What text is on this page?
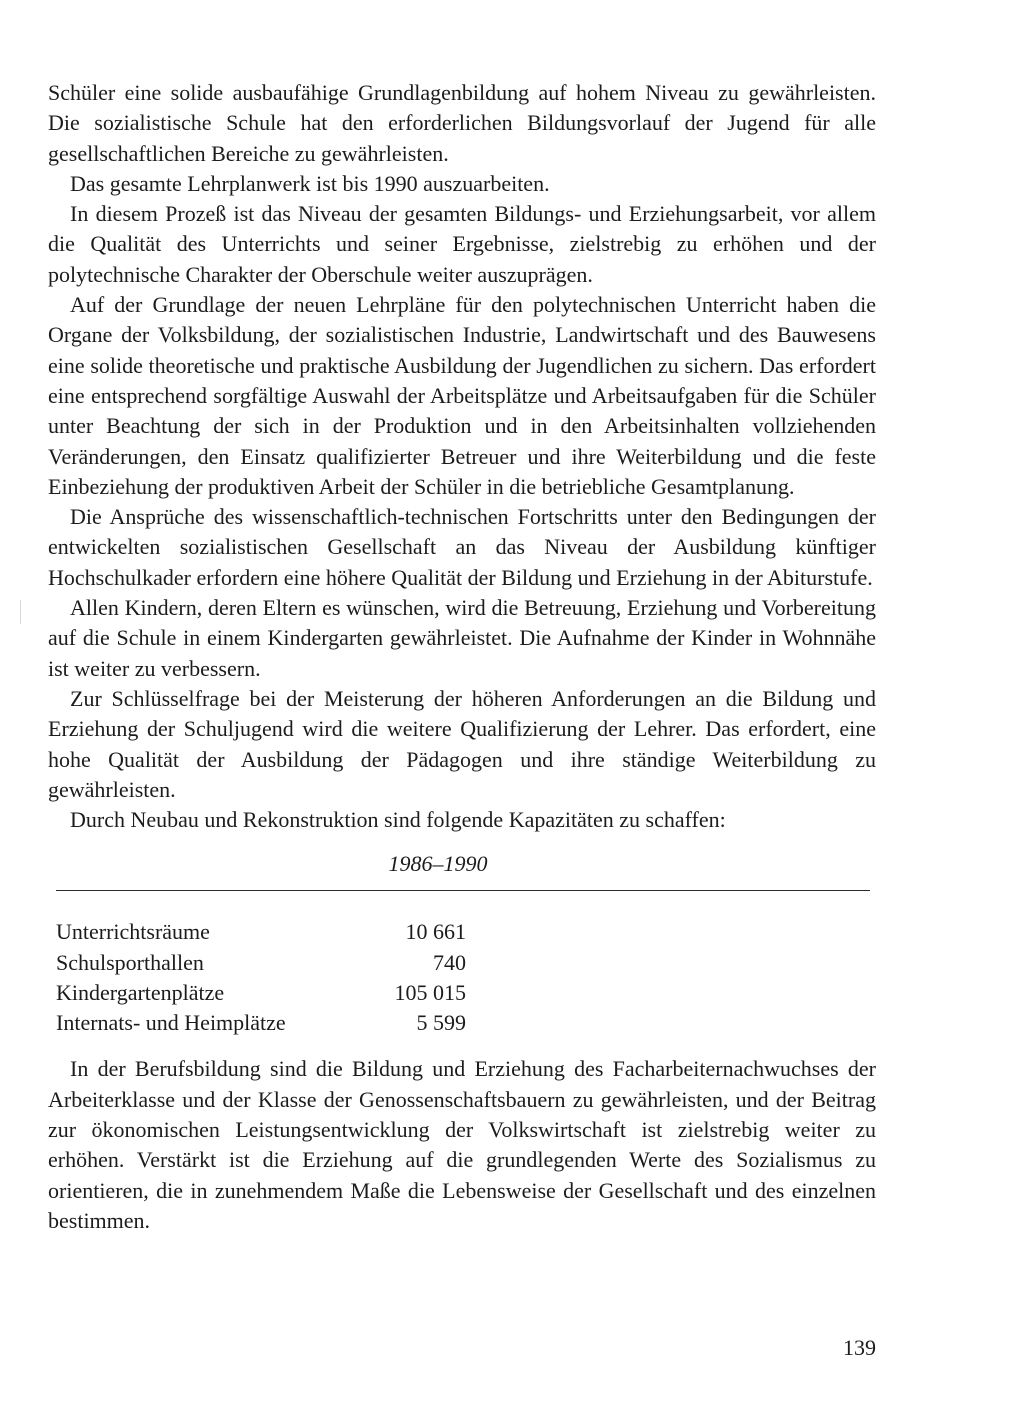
Schüler eine solide ausbaufähige Grundlagenbildung auf hohem Niveau zu gewährleisten. Die sozialistische Schule hat den erforderlichen Bildungsvorlauf der Jugend für alle gesellschaftlichen Bereiche zu gewährleisten.

Das gesamte Lehrplanwerk ist bis 1990 auszuarbeiten.

In diesem Prozeß ist das Niveau der gesamten Bildungs- und Erziehungsarbeit, vor allem die Qualität des Unterrichts und seiner Ergebnisse, zielstrebig zu erhöhen und der polytechnische Charakter der Oberschule weiter auszuprägen.

Auf der Grundlage der neuen Lehrpläne für den polytechnischen Unterricht haben die Organe der Volksbildung, der sozialistischen Industrie, Landwirtschaft und des Bauwesens eine solide theoretische und praktische Ausbildung der Jugendlichen zu sichern. Das erfordert eine entsprechend sorgfältige Auswahl der Arbeitsplätze und Arbeitsaufgaben für die Schüler unter Beachtung der sich in der Produktion und in den Arbeitsinhalten vollziehenden Veränderungen, den Einsatz qualifizierter Betreuer und ihre Weiterbildung und die feste Einbeziehung der produktiven Arbeit der Schüler in die betriebliche Gesamtplanung.

Die Ansprüche des wissenschaftlich-technischen Fortschritts unter den Bedingungen der entwickelten sozialistischen Gesellschaft an das Niveau der Ausbildung künftiger Hochschulkader erfordern eine höhere Qualität der Bildung und Erziehung in der Abiturstufe.

Allen Kindern, deren Eltern es wünschen, wird die Betreuung, Erziehung und Vorbereitung auf die Schule in einem Kindergarten gewährleistet. Die Aufnahme der Kinder in Wohnnähe ist weiter zu verbessern.

Zur Schlüsselfrage bei der Meisterung der höheren Anforderungen an die Bildung und Erziehung der Schuljugend wird die weitere Qualifizierung der Lehrer. Das erfordert, eine hohe Qualität der Ausbildung der Pädagogen und ihre ständige Weiterbildung zu gewährleisten.

Durch Neubau und Rekonstruktion sind folgende Kapazitäten zu schaffen:

1986–1990
Unterrichtsräume	10 661
Schulsporthallen	740
Kindergartenplätze	105 015
Internats- und Heimplätze	5 599

In der Berufsbildung sind die Bildung und Erziehung des Facharbeiternachwuchses der Arbeiterklasse und der Klasse der Genossenschaftsbauern zu gewährleisten, und der Beitrag zur ökonomischen Leistungsentwicklung der Volkswirtschaft ist zielstrebig weiter zu erhöhen. Verstärkt ist die Erziehung auf die grundlegenden Werte des Sozialismus zu orientieren, die in zunehmendem Maße die Lebensweise der Gesellschaft und des einzelnen bestimmen.

139
